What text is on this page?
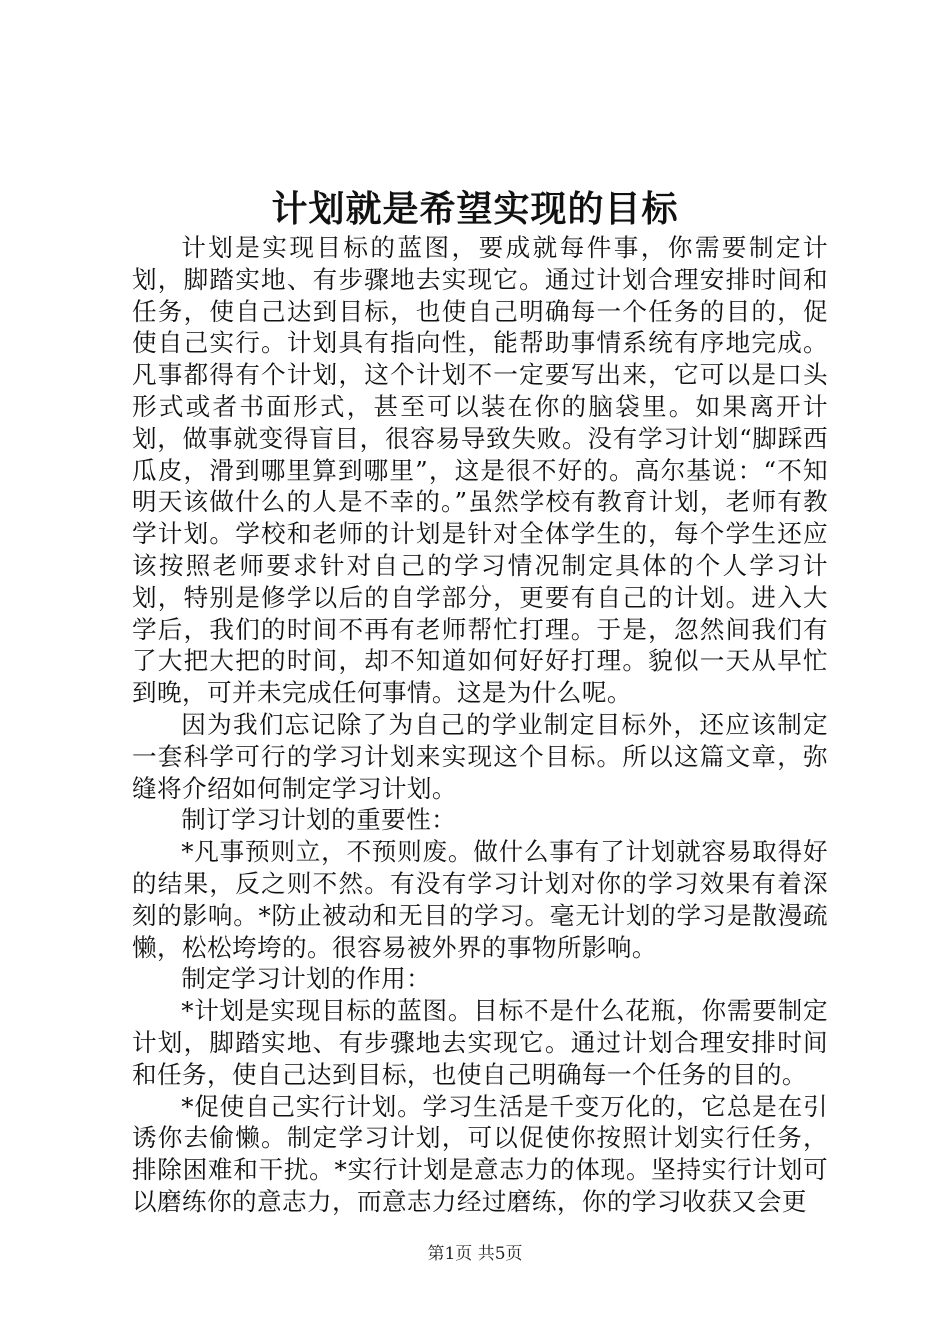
计划就是希望实现的目标

计划是实现目标的蓝图，要成就每件事，你需要制定计划，脚踏实地、有步骤地去实现它。通过计划合理安排时间和任务，使自己达到目标，也使自己明确每一个任务的目的，促使自己实行。计划具有指向性，能帮助事情系统有序地完成。凡事都得有个计划，这个计划不一定要写出来，它可以是口头形式或者书面形式，甚至可以装在你的脑袋里。如果离开计划，做事就变得盲目，很容易导致失败。没有学习计划“脚踩西瓜皮，滑到哪里算到哪里”，这是很不好的。高尔基说：“不知明天该做什么的人是不幸的。”虽然学校有教育计划，老师有教学计划。学校和老师的计划是针对全体学生的，每个学生还应该按照老师要求针对自己的学习情况制定具体的个人学习计划，特别是修学以后的自学部分，更要有自己的计划。进入大学后，我们的时间不再有老师帮忙打理。于是，忽然间我们有了大把大把的时间，却不知道如何好好打理。貌似一天从早忙到晚，可并未完成任何事情。这是为什么呢。

因为我们忘记除了为自己的学业制定目标外，还应该制定一套科学可行的学习计划来实现这个目标。所以这篇文章，弥缝将介绍如何制定学习计划。

制订学习计划的重要性：

*凡事预则立，不预则废。做什么事有了计划就容易取得好的结果，反之则不然。有没有学习计划对你的学习效果有着深刻的影响。*防止被动和无目的学习。毫无计划的学习是散漫疏懒，松松垮垮的。很容易被外界的事物所影响。

制定学习计划的作用：

*计划是实现目标的蓝图。目标不是什么花瓶，你需要制定计划，脚踏实地、有步骤地去实现它。通过计划合理安排时间和任务，使自己达到目标，也使自己明确每一个任务的目的。

*促使自己实行计划。学习生活是千变万化的，它总是在引诱你去偷懒。制定学习计划，可以促使你按照计划实行任务，排除困难和干扰。*实行计划是意志力的体现。坚持实行计划可以磨练你的意志力，而意志力经过磨练，你的学习收获又会更

第1页 共5页
